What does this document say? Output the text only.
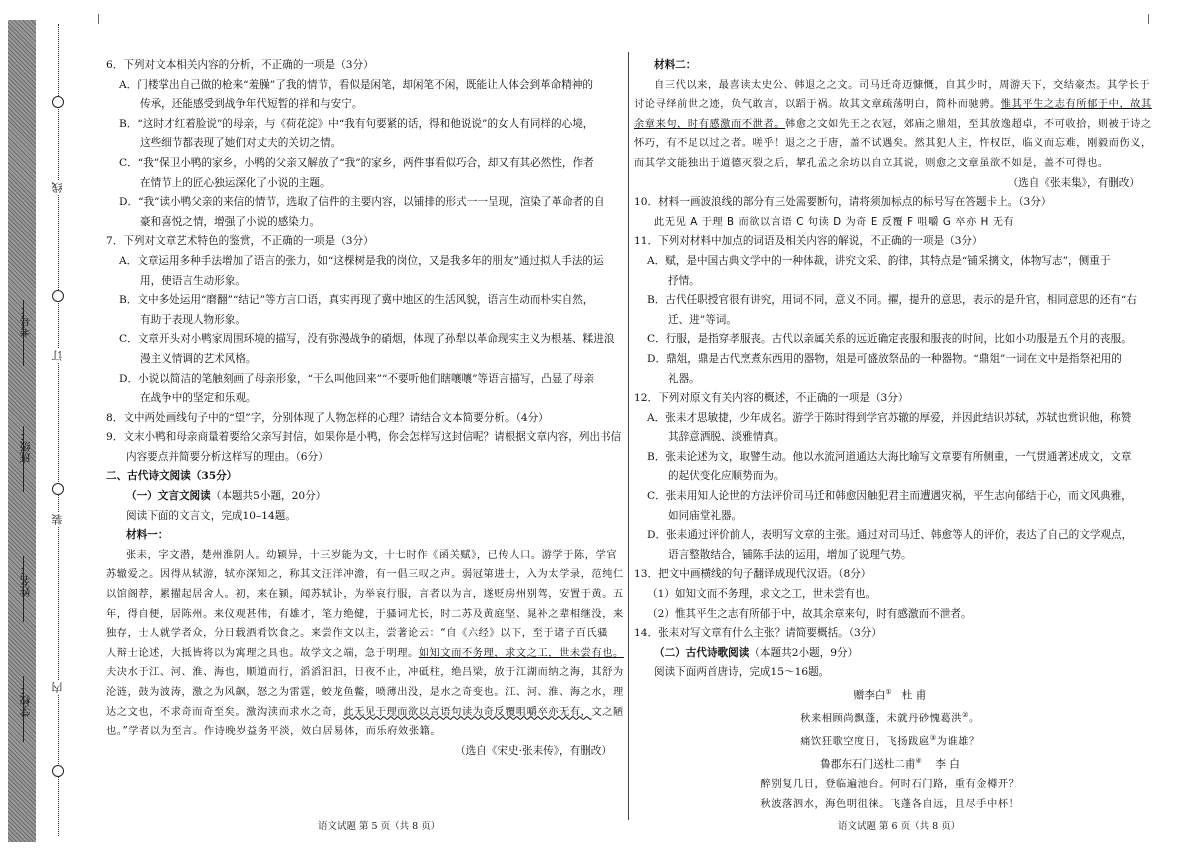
线
订
装
内
考号：
班级：
姓名：
学校：

6．下列对文本相关内容的分析，不正确的一项是（3分）

A．门楼掌出自己做的枪来“羞臊”了我的情节，看似是闲笔，却闲笔不闲，既能让人体会到革命精神的

传承，还能感受到战争年代短暂的祥和与安宁。

B．“这时才红着脸说”的母亲，与《荷花淀》中“我有句要紧的话，得和他说说”的女人有同样的心境，

这些细节都表现了她们对丈夫的关切之情。

C．“我”保卫小鸭的家乡，小鸭的父亲又解放了“我”的家乡，两件事看似巧合，却又有其必然性，作者

在情节上的匠心独运深化了小说的主题。

D．“我”读小鸭父亲的来信的情节，选取了信件的主要内容，以铺排的形式一一呈现，渲染了革命者的自

豪和喜悦之情，增强了小说的感染力。

7．下列对文章艺术特色的鉴赏，不正确的一项是（3分）

A．文章运用多种手法增加了语言的张力，如“这棵树是我的岗位，又是我多年的朋友”通过拟人手法的运

用，使语言生动形象。

B．文中多处运用“磨翻”“结记”等方言口语，真实再现了冀中地区的生活风貌，语言生动而朴实自然，

有助于表现人物形象。

C．文章开头对小鸭家周围环境的描写，没有弥漫战争的硝烟，体现了孙犁以革命现实主义为根基、糅进浪

漫主义情调的艺术风格。

D．小说以简洁的笔触刻画了母亲形象，“干么叫他回来”“不要听他们瞎嚷嚷”等语言描写，凸显了母亲

在战争中的坚定和乐观。

8．文中两处画线句子中的“望”字，分别体现了人物怎样的心理？请结合文本简要分析。（4分）

9．文末小鸭和母亲商量着要给父亲写封信，如果你是小鸭，你会怎样写这封信呢？请根据文章内容，列出书信

内容要点并简要分析这样写的理由。（6分）

二、古代诗文阅读（35分）

（一）文言文阅读（本题共5小题，20分）

阅读下面的文言文，完成10–14题。

材料一：

张耒，字文潜，楚州淮阴人。幼颖异，十三岁能为文，十七时作《函关赋》，已传人口。游学于陈，学官

苏辙爱之。因得从轼游，轼亦深知之，称其文汪洋冲澹，有一倡三叹之声。弱冠第进士，入为太学录，范纯仁

以馆阁荐，累擢起居舍人。初，来在颍，闻苏轼讣，为举哀行服，言者以为言，遂贬房州别驾，安置于黄。五

年，得自便，居陈州。来仪观甚伟，有雄才，笔力绝健，于骚词尤长，时二苏及黄庭坚、晁补之辈相继没，来

独存，士人就学者众，分日载酒肴饮食之。来尝作文以主，尝著论云：“自《六经》以下，至于诸子百氏骚

人辩士论述，大抵皆将以为寓理之具也。故学文之端，急于明理。如知文而不务理，求文之工，世未尝有也。

夫决水于江、河、淮、海也，顺道而行，滔滔汩汩，日夜不止，冲砥柱，绝吕梁，放于江湖而纳之海，其舒为

沦涟，鼓为波涛，激之为风飙，怒之为雷霆，蛟龙鱼鳖，喷薄出没，是水之奇变也。江、河、淮、海之水，理

达之文也，不求奇而奇至矣。激沟渎而求水之奇，此无见于理而欲以言语句读为奇反覆咀嚼卒亦无有，文之陋

也。”学者以为至言。作诗晚岁益务平淡，效白居易体，而乐府效张籍。

（选自《宋史·张耒传》，有删改）

材料二：

自三代以来，最喜读太史公、韩退之之文。司马迁奇迈慷慨，自其少时，周游天下，交结豪杰。其学长于

讨论寻绎前世之迹，负气敢言，以蹈于祸。故其文章疏荡明白，简朴而驰骋。惟其平生之志有所郁于中，故其

余章来句，时有感激而不泄者。韩愈之文如先王之衣冠，郊庙之鼎俎，至其放逸超卓，不可收拾，则被于诗之

怀巧，有不足以过之者。嗟乎！退之之于唐，盖不试遇矣。然其犯人主，忤权臣，临义而忘难，刚毅而伤义，

而其学文能独出于道德灭裂之后，挈孔孟之余坊以自立其说，则愈之文章虽欲不如是，盖不可得也。

（选自《张耒集》，有删改）

10．材料一画波浪线的部分有三处需要断句，请将须加标点的标号写在答题卡上。（3分）

此无见 A 于理 B 而欲以言语 C 句读 D 为奇 E 反覆 F 咀嚼 G 卒亦 H 无有

11．下列对材料中加点的词语及相关内容的解说，不正确的一项是（3分）

A．赋，是中国古典文学中的一种体裁，讲究文采、韵律，其特点是“铺采摛文，体物写志”，侧重于

抒情。

B．古代任职授官很有讲究，用词不同，意义不同。擢，提升的意思，表示的是升官，相同意思的还有“右

迁、进”等词。

C．行服，是指穿孝服丧。古代以亲属关系的远近确定丧服和服丧的时间，比如小功服是五个月的丧服。

D．鼎俎，鼎是古代烹煮东西用的器物，俎是可盛放祭品的一种器物。“鼎俎”一词在文中是指祭祀用的

礼器。

12．下列对原文有关内容的概述，不正确的一项是（3分）

A．张耒才思敏捷，少年成名。游学于陈时得到学官苏辙的厚爱，并因此结识苏轼，苏轼也赏识他，称赞

其辞意洒脱、淡雅情真。

B．张耒论述为文，取譬生动。他以水流河道通达大海比喻写文章要有所侧重，一气贯通著述成文，文章

的起伏变化应顺势而为。

C．张耒用知人论世的方法评价司马迁和韩愈因触犯君主而遭遇灾祸，平生志向郁结于心，而文风典雅，

如同庙堂礼器。

D．张耒通过评价前人，表明写文章的主张。通过对司马迁、韩愈等人的评价，表达了自己的文学观点，

语言整散结合，铺陈手法的运用，增加了说理气势。

13．把文中画横线的句子翻译成现代汉语。（8分）

（1）如知文而不务理，求文之工，世未尝有也。

（2）惟其平生之志有所郁于中，故其余章来句，时有感激而不泄者。

14．张耒对写文章有什么主张？请简要概括。（3分）

（二）古代诗歌阅读（本题共2小题，9分）

阅读下面两首唐诗，完成15～16题。

赠李白① 杜 甫

秋来相顾尚飘蓬，未就丹砂愧葛洪②。

痛饮狂歌空度日，飞扬跋扈③为谁雄？

鲁郡东石门送杜二甫④ 李 白

醉别复几日，登临遍池台。何时石门路，重有金樽开？

秋波落泗水，海色明徂徕。飞蓬各自远，且尽手中杯！

语文试题 第 5 页（共 8 页）	语文试题 第 6 页（共 8 页）
